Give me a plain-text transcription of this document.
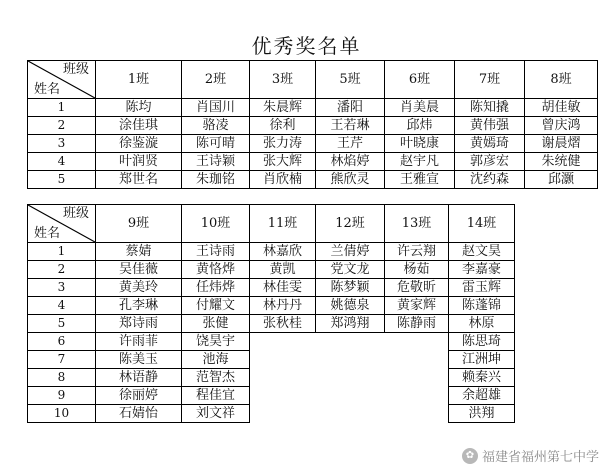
优秀奖名单
班级
姓名	1班	2班	3班	5班	6班	7班	8班
1	陈均	肖国川	朱晨辉	潘阳	肖美晨	陈知撬	胡佳敏
2	涂佳琪	骆凌	徐利	王若琳	邱炜	黄伟强	曾庆鸿
3	徐鉴漩	陈可晴	张力涛	王芹	叶晓康	黄嫣琦	谢晨熠
4	叶润贤	王诗颖	张大辉	林焰婷	赵宇凡	郭彦宏	朱统健
5	郑世名	朱珈铭	肖欣楠	熊欣灵	王雅宣	沈约森	邱灏
班级
姓名	9班	10班	11班	12班	13班	14班
1	蔡婧	王诗雨	林嘉欣	兰倩婷	许云翔	赵文昊
2	吴佳薇	黄恪烨	黄凯	党文龙	杨茹	李嘉豪
3	黄美玲	任炜烨	林佳雯	陈梦颖	危敬昕	雷玉辉
4	孔李琳	付耀文	林丹丹	姚德泉	黄家辉	陈蓬锦
5	郑诗雨	张健	张秋桂	郑鸿翔	陈静雨	林原
6	许雨菲	饶昊宇				陈思琦
7	陈美玉	池海				江洲坤
8	林语静	范智杰				赖秦兴
9	徐丽婷	程佳宜				余超雄
10	石婧怡	刘文祥				洪翔
✿ 福建省福州第七中学
